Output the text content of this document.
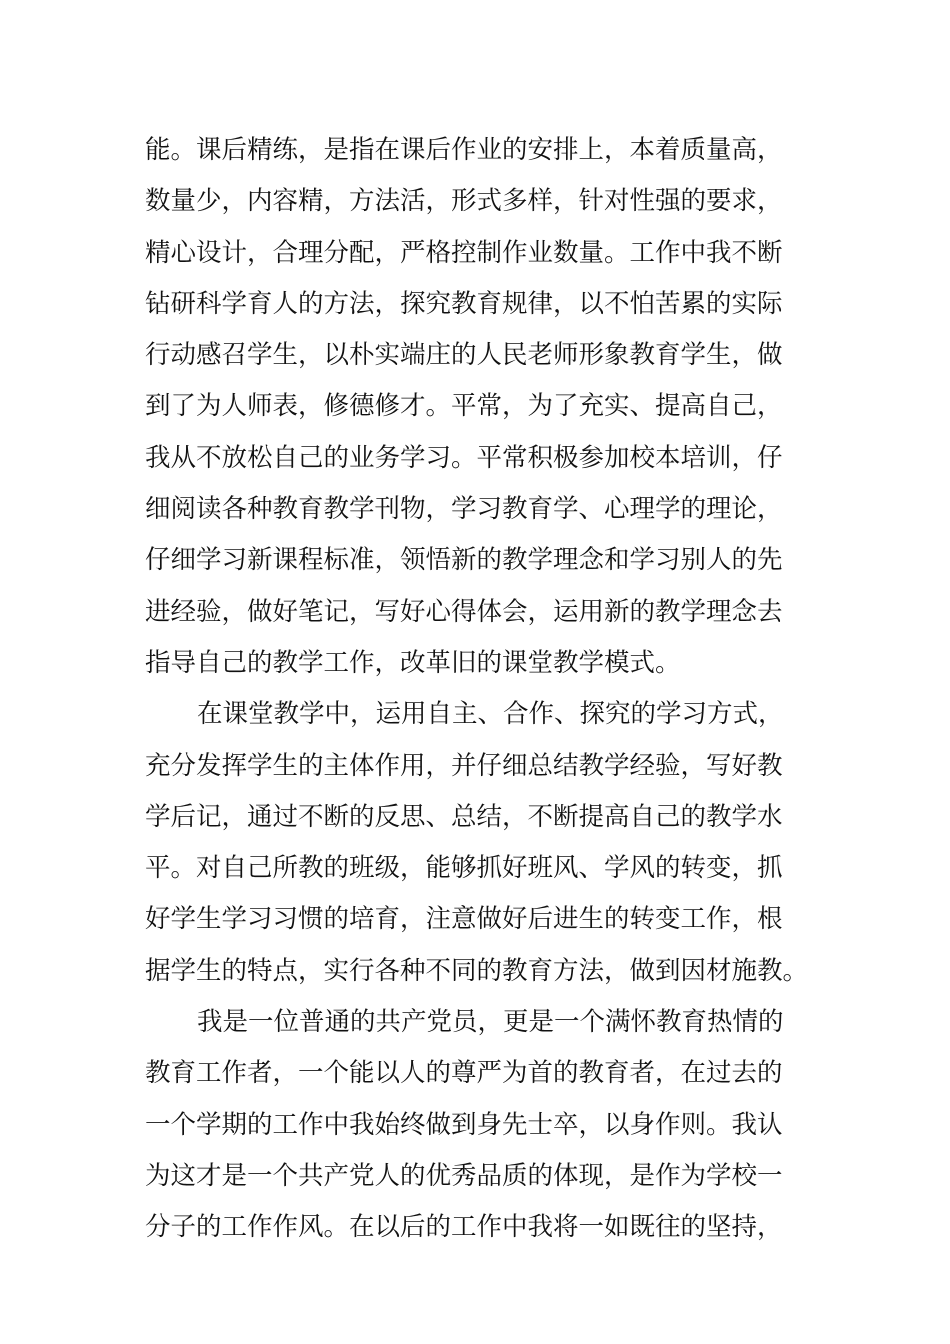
能。课后精练，是指在课后作业的安排上，本着质量高，
数量少，内容精，方法活，形式多样，针对性强的要求，
精心设计，合理分配，严格控制作业数量。工作中我不断
钻研科学育人的方法，探究教育规律，以不怕苦累的实际
行动感召学生，以朴实端庄的人民老师形象教育学生，做
到了为人师表，修德修才。平常，为了充实、提高自己，
我从不放松自己的业务学习。平常积极参加校本培训，仔
细阅读各种教育教学刊物，学习教育学、心理学的理论，
仔细学习新课程标准，领悟新的教学理念和学习别人的先
进经验，做好笔记，写好心得体会，运用新的教学理念去
指导自己的教学工作，改革旧的课堂教学模式。
在课堂教学中，运用自主、合作、探究的学习方式，
充分发挥学生的主体作用，并仔细总结教学经验，写好教
学后记，通过不断的反思、总结，不断提高自己的教学水
平。对自己所教的班级，能够抓好班风、学风的转变，抓
好学生学习习惯的培育，注意做好后进生的转变工作，根
据学生的特点，实行各种不同的教育方法，做到因材施教。
我是一位普通的共产党员，更是一个满怀教育热情的
教育工作者，一个能以人的尊严为首的教育者，在过去的
一个学期的工作中我始终做到身先士卒，以身作则。我认
为这才是一个共产党人的优秀品质的体现，是作为学校一
分子的工作作风。在以后的工作中我将一如既往的坚持，
